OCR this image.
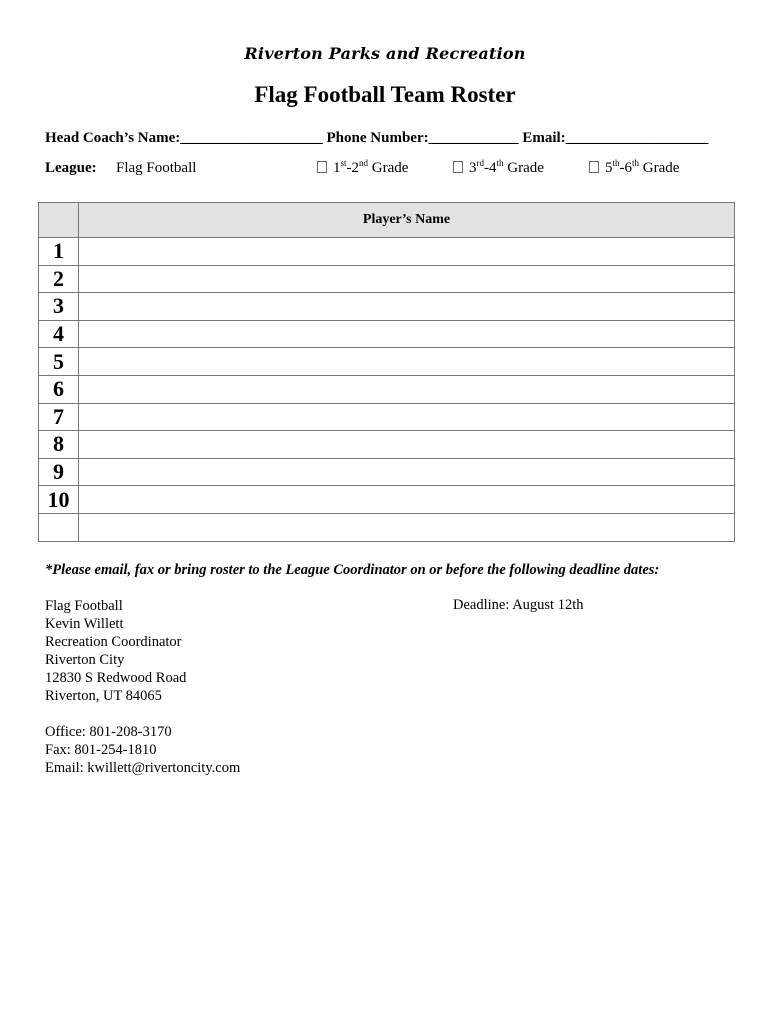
Riverton Parks and Recreation
Flag Football Team Roster
Head Coach’s Name:___________________ Phone Number:____________ Email:___________________
League: Flag Football	1st-2nd Grade	3rd-4th Grade	5th-6th Grade
	Player’s Name
1	
2	
3	
4	
5	
6	
7	
8	
9	
10	

*Please email, fax or bring roster to the League Coordinator on or before the following deadline dates:
Flag Football
Kevin Willett
Recreation Coordinator
Riverton City
12830 S Redwood Road
Riverton, UT 84065
Office: 801-208-3170
Fax: 801-254-1810
Email: kwillett@rivertoncity.com
Deadline: August 12th
